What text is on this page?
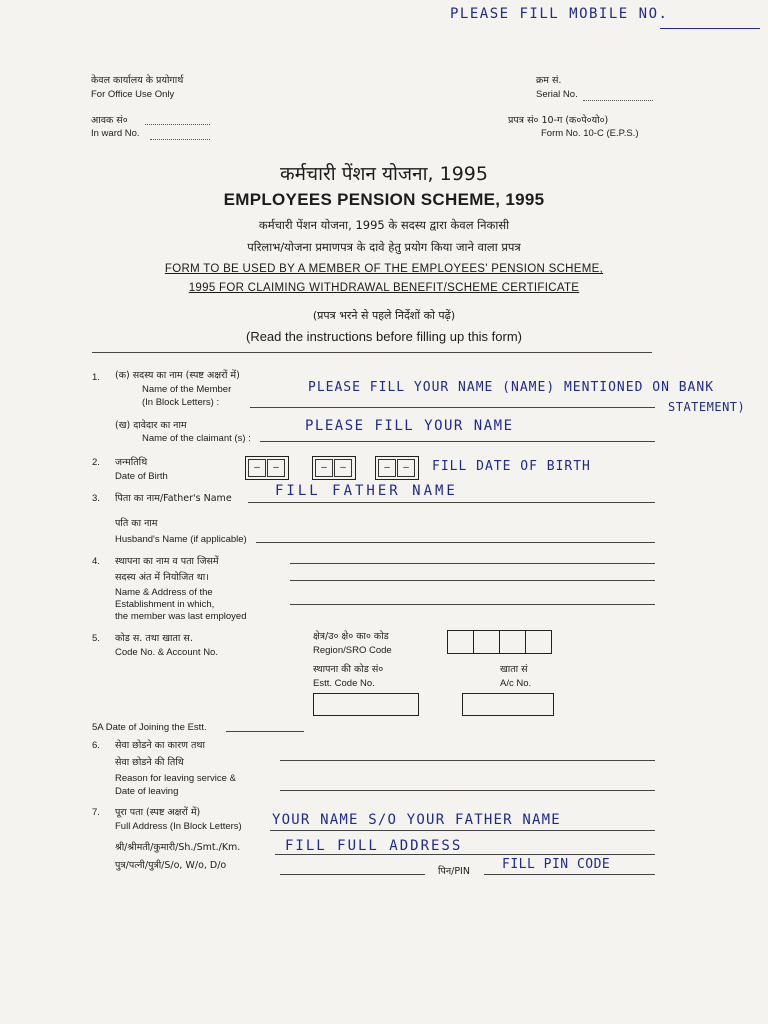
PLEASE FILL MOBILE NO.
केवल कार्यालय के प्रयोगार्थ
For Office Use Only
आवक सं०
In ward No.
क्रम सं.
Serial No.
प्रपत्र सं० 10-ग (क०पे०यो०)
Form No. 10-C (E.P.S.)
कर्मचारी पेंशन योजना, 1995
EMPLOYEES PENSION SCHEME, 1995
कर्मचारी पेंशन योजना, 1995 के सदस्य द्वारा केवल निकासी
परिलाभ/योजना प्रमाणपत्र के दावे हेतु प्रयोग किया जाने वाला प्रपत्र
FORM TO BE USED BY A MEMBER OF THE EMPLOYEES' PENSION SCHEME,
1995 FOR CLAIMING WITHDRAWAL BENEFIT/SCHEME CERTIFICATE
(प्रपत्र भरने से पहले निर्देशों को पढ़ें)
(Read the instructions before filling up this form)
1. (क) सदस्य का नाम (स्पष्ट अक्षरों में)
Name of the Member
(In Block Letters) :
PLEASE FILL YOUR NAME (NAME) MENTIONED ON BANK
STATEMENT)
(ख) दावेदार का नाम
Name of the claimant (s) :
PLEASE FILL YOUR NAME
2. जन्मतिथि
Date of Birth
–	–	–	–	–	–	FILL DATE OF BIRTH
3. पिता का नाम/Father's Name	FILL FATHER NAME
पति का नाम
Husband's Name (if applicable)
4. स्थापना का नाम व पता जिसमें
सदस्य अंत में नियोजित था।
Name & Address of the
Establishment in which,
the member was last employed
5. कोड स. तथा खाता स.
Code No. & Account No.
क्षेत्र/उ० क्षे० का० कोड
Region/SRO Code
स्थापना की कोड सं०
Estt. Code No.
खाता सं
A/c No.
5A Date of Joining the Estt.
6. सेवा छोडने का कारण तथा
सेवा छोडने की तिथि
Reason for leaving service &
Date of leaving
7. पूरा पता (स्पष्ट अक्षरों में)
Full Address (In Block Letters) YOUR NAME S/O YOUR FATHER NAME
श्री/श्रीमती/कुमारी/Sh./Smt./Km.	FILL FULL ADDRESS
पुत्र/पत्नी/पुत्री/S/o, W/o, D/o
पिन/PIN FILL PIN CODE
